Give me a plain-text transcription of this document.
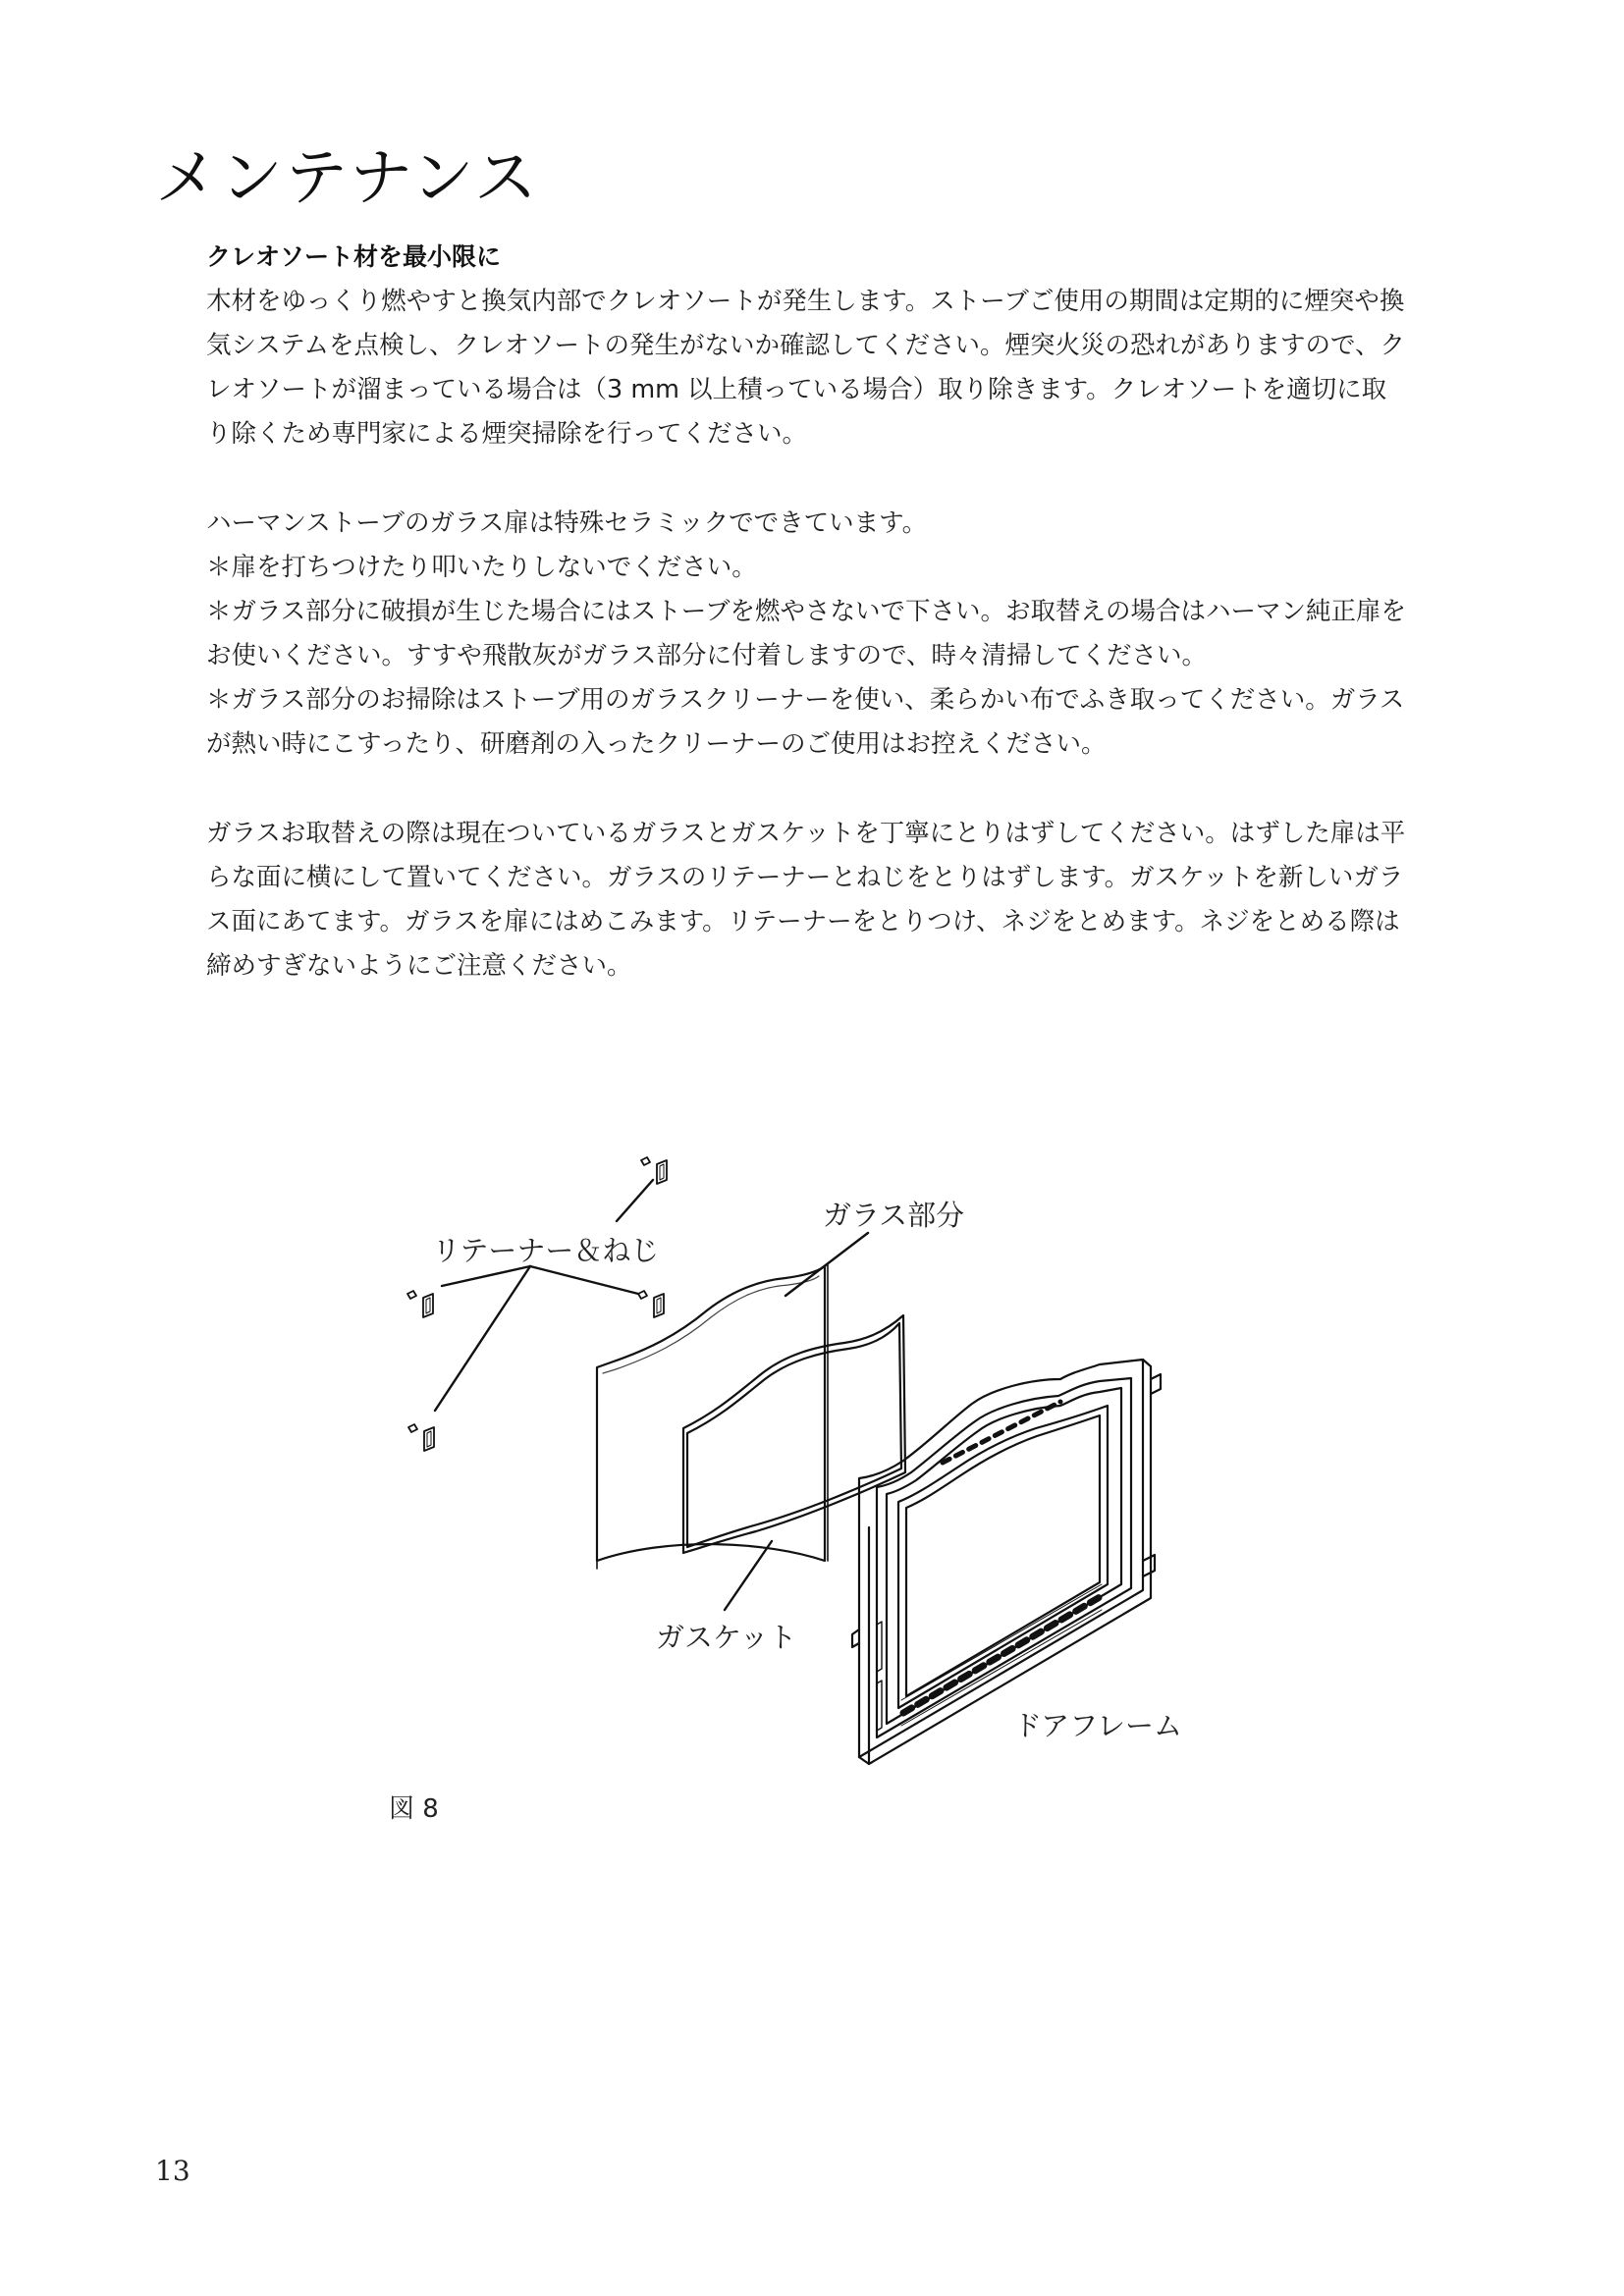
メンテナンス
クレオソート材を最小限に

木材をゆっくり燃やすと換気内部でクレオソートが発生します。ストーブご使用の期間は定期的に煙突や換

気システムを点検し、クレオソートの発生がないか確認してください。煙突火災の恐れがありますので、ク

レオソートが溜まっている場合は（3 mm 以上積っている場合）取り除きます。クレオソートを適切に取

り除くため専門家による煙突掃除を行ってください。

ハーマンストーブのガラス扉は特殊セラミックでできています。

＊扉を打ちつけたり叩いたりしないでください。

＊ガラス部分に破損が生じた場合にはストーブを燃やさないで下さい。お取替えの場合はハーマン純正扉を

お使いください。すすや飛散灰がガラス部分に付着しますので、時々清掃してください。

＊ガラス部分のお掃除はストーブ用のガラスクリーナーを使い、柔らかい布でふき取ってください。ガラス

が熱い時にこすったり、研磨剤の入ったクリーナーのご使用はお控えください。

ガラスお取替えの際は現在ついているガラスとガスケットを丁寧にとりはずしてください。はずした扉は平

らな面に横にして置いてください。ガラスのリテーナーとねじをとりはずします。ガスケットを新しいガラ

ス面にあてます。ガラスを扉にはめこみます。リテーナーをとりつけ、ネジをとめます。ネジをとめる際は

締めすぎないようにご注意ください。

リテーナー＆ねじ
ガラス部分
ガスケット
ドアフレーム
図 8
13
